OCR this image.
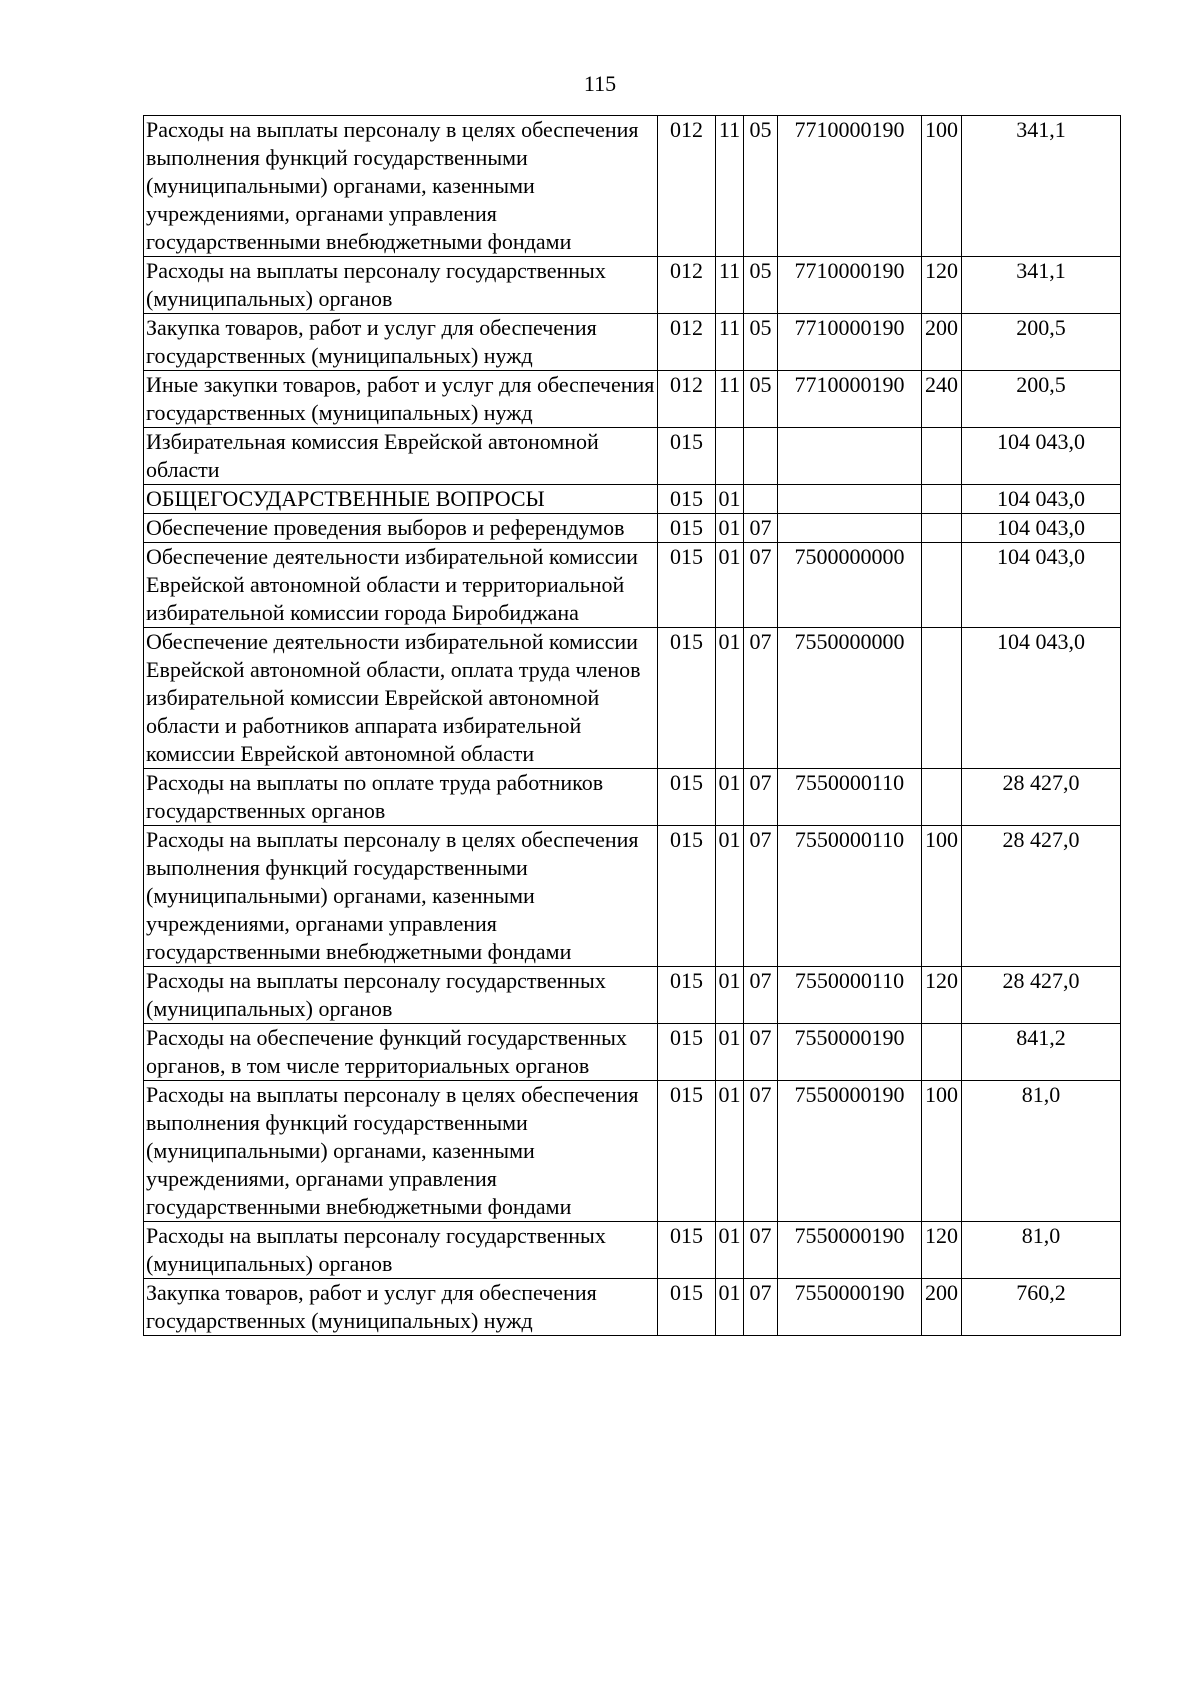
115
Расходы на выплаты персоналу в целях обеспечения выполнения функций государственными (муниципальными) органами, казенными учреждениями, органами управления государственными внебюджетными фондами	012	11	05	7710000190	100	341,1
Расходы на выплаты персоналу государственных (муниципальных) органов	012	11	05	7710000190	120	341,1
Закупка товаров, работ и услуг для обеспечения государственных (муниципальных) нужд	012	11	05	7710000190	200	200,5
Иные закупки товаров, работ и услуг для обеспечения государственных (муниципальных) нужд	012	11	05	7710000190	240	200,5
Избирательная комиссия Еврейской автономной области	015					104 043,0
ОБЩЕГОСУДАРСТВЕННЫЕ ВОПРОСЫ	015	01				104 043,0
Обеспечение проведения выборов и референдумов	015	01	07			104 043,0
Обеспечение деятельности избирательной комиссии Еврейской автономной области и территориальной избирательной комиссии города Биробиджана	015	01	07	7500000000		104 043,0
Обеспечение деятельности избирательной комиссии Еврейской автономной области, оплата труда членов избирательной комиссии Еврейской автономной области и работников аппарата избирательной комиссии Еврейской автономной области	015	01	07	7550000000		104 043,0
Расходы на выплаты по оплате труда работников государственных органов	015	01	07	7550000110		28 427,0
Расходы на выплаты персоналу в целях обеспечения выполнения функций государственными (муниципальными) органами, казенными учреждениями, органами управления государственными внебюджетными фондами	015	01	07	7550000110	100	28 427,0
Расходы на выплаты персоналу государственных (муниципальных) органов	015	01	07	7550000110	120	28 427,0
Расходы на обеспечение функций государственных органов, в том числе территориальных органов	015	01	07	7550000190		841,2
Расходы на выплаты персоналу в целях обеспечения выполнения функций государственными (муниципальными) органами, казенными учреждениями, органами управления государственными внебюджетными фондами	015	01	07	7550000190	100	81,0
Расходы на выплаты персоналу государственных (муниципальных) органов	015	01	07	7550000190	120	81,0
Закупка товаров, работ и услуг для обеспечения государственных (муниципальных) нужд	015	01	07	7550000190	200	760,2
